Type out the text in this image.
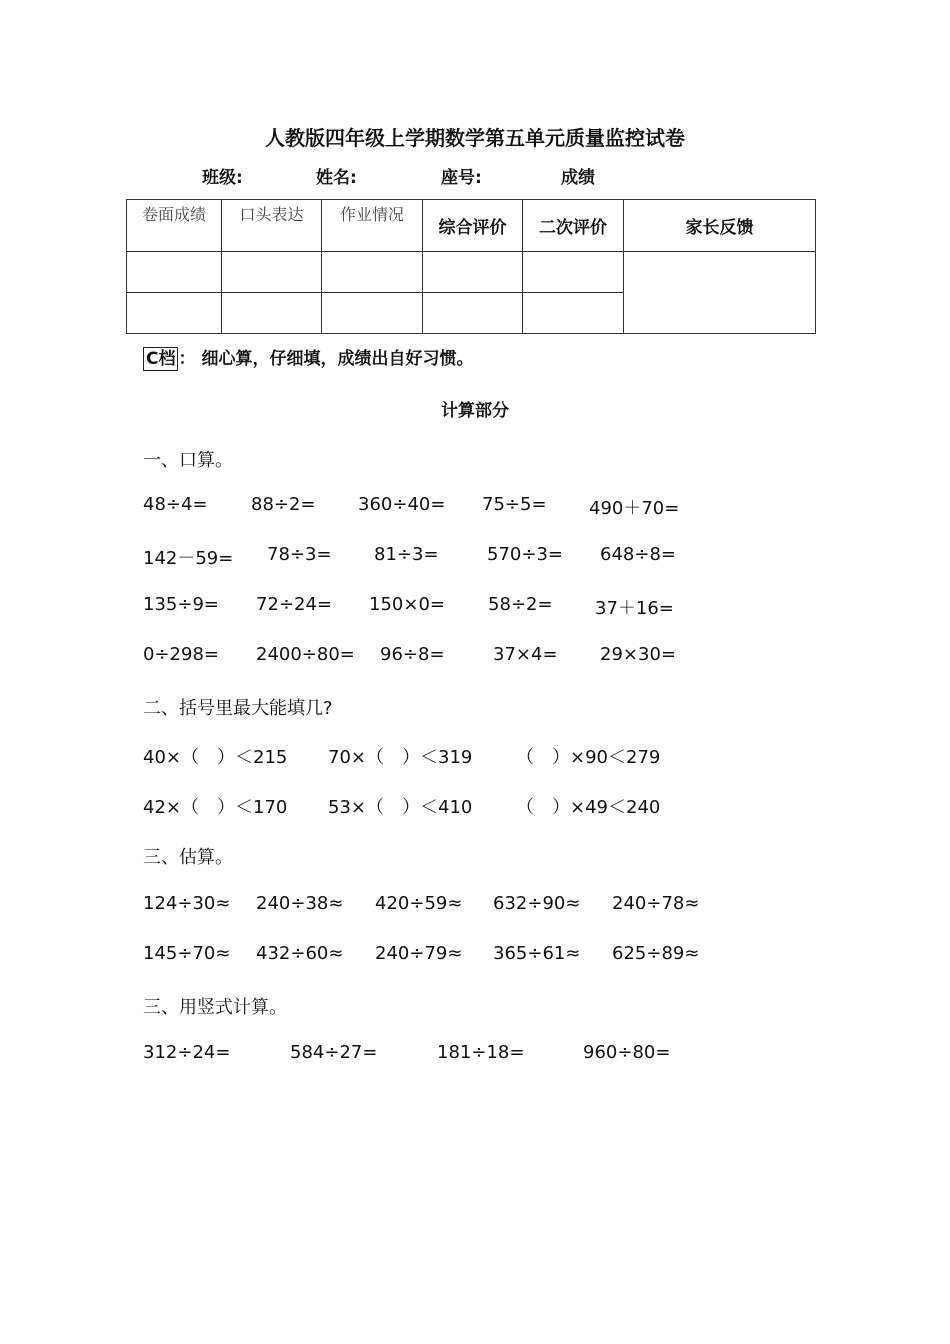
人教版四年级上学期数学第五单元质量监控试卷
班级:	姓名:	座号:	成绩
卷面成绩	口头表达	作业情况	综合评价	二次评价	家长反馈

C档 ： 细心算，仔细填，成绩出自好习惯。
计算部分
一、口算。
48÷4= 88÷2= 360÷40= 75÷5= 490＋70=
142－59= 78÷3= 81÷3=	570÷3= 648÷8=
135÷9= 72÷24= 150×0= 58÷2= 37＋16=
0÷298= 2400÷80= 96÷8=	37×4= 29×30=
二、括号里最大能填几?
40×（　）＜215 70×（　）＜319 （　）×90＜279
42×（　）＜170 53×（　）＜410 （　）×49＜240
三、估算。
124÷30≈ 240÷38≈ 420÷59≈ 632÷90≈ 240÷78≈
145÷70≈ 432÷60≈ 240÷79≈ 365÷61≈ 625÷89≈
三、用竖式计算。
312÷24=	584÷27=	181÷18=	960÷80=
